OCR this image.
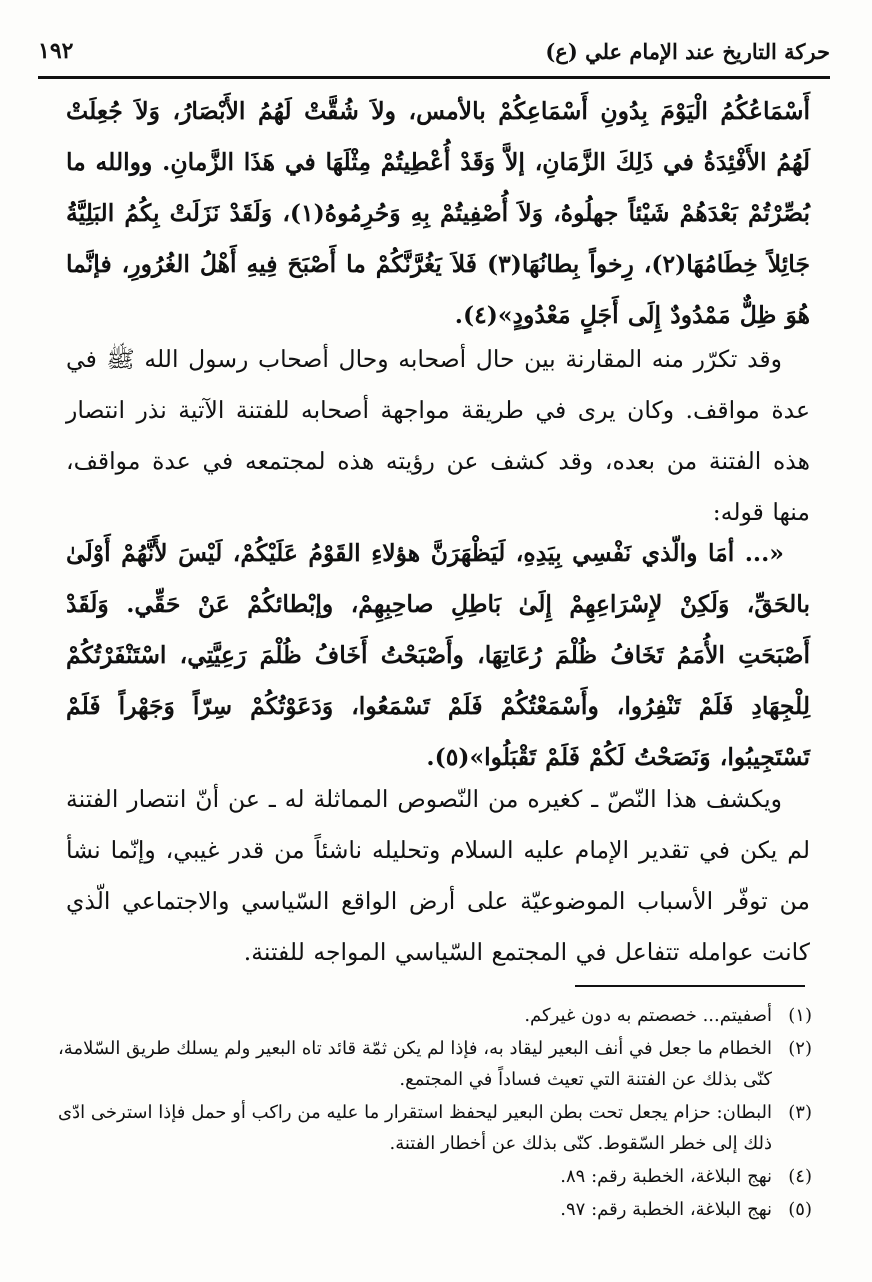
١٩٢	حركة التاريخ عند الإمام علي (ع)

أَسْمَاعُكُمُ الْيَوْمَ بِدُونِ أَسْمَاعِكُمْ بالأمس، ولاَ شُقَّتْ لَهُمُ الأَبْصَارُ، وَلاَ جُعِلَتْ لَهُمُ الأَفْئِدَةُ في ذَلِكَ الزَّمَانِ، إلاَّ وَقَدْ أُعْطِيتُمْ مِثْلَهَا في هَذَا الزَّمانِ. ووالله ما بُصِّرْتُمْ بَعْدَهُمْ شَيْئاً جهلُوهُ، وَلاَ أُصْفِيتُمْ بِهِ وَحُرِمُوهُ(١)، وَلَقَدْ نَزَلَتْ بِكُمُ البَلِيَّةُ جَائِلاً خِطَامُهَا(٢)، رِخواً بِطانُهَا(٣) فَلاَ يَغُرَّنَّكُمْ ما أَصْبَحَ فِيهِ أَهْلُ الغُرُورِ، فإنَّما هُوَ ظِلٌّ مَمْدُودٌ إِلَى أَجَلٍ مَعْدُودٍ»(٤).

وقد تكرّر منه المقارنة بين حال أصحابه وحال أصحاب رسول الله ﷺ في عدة مواقف. وكان يرى في طريقة مواجهة أصحابه للفتنة الآتية نذر انتصار هذه الفتنة من بعده، وقد كشف عن رؤيته هذه لمجتمعه في عدة مواقف، منها قوله:

«... أمَا والّذي نَفْسِي بِيَدِهِ، لَيَظْهَرَنَّ هؤلاءِ القَوْمُ عَلَيْكُمْ، لَيْسَ لأَنَّهُمْ أَوْلَىٰ بالحَقِّ، وَلَكِنْ لإِسْرَاعِهِمْ إِلَىٰ بَاطِلِ صاحِبِهِمْ، وإبْطائكُمْ عَنْ حَقِّي. وَلَقَدْ أَصْبَحَتِ الأُمَمُ تَخَافُ ظُلْمَ رُعَاتِهَا، وأَصْبَحْتُ أَخَافُ ظُلْمَ رَعِيَّتِي، اسْتَنْفَرْتُكُمْ لِلْجِهَادِ فَلَمْ تَنْفِرُوا، وأَسْمَعْتُكُمْ فَلَمْ تَسْمَعُوا، وَدَعَوْتُكُمْ سِرّاً وَجَهْراً فَلَمْ تَسْتَجِيبُوا، وَنَصَحْتُ لَكُمْ فَلَمْ تَقْبَلُوا»(٥).

ويكشف هذا النّصّ ـ كغيره من النّصوص المماثلة له ـ عن أنّ انتصار الفتنة لم يكن في تقدير الإمام عليه السلام وتحليله ناشئاً من قدر غيبي، وإنّما نشأ من توفّر الأسباب الموضوعيّة على أرض الواقع السّياسي والاجتماعي الّذي كانت عوامله تتفاعل في المجتمع السّياسي المواجه للفتنة.

(١)
أصفيتم... خصصتم به دون غيركم.
(٢)
الخطام ما جعل في أنف البعير ليقاد به، فإذا لم يكن ثمّة قائد تاه البعير ولم يسلك طريق السّلامة، كنّى بذلك عن الفتنة التي تعيث فساداً في المجتمع.
(٣)
البطان: حزام يجعل تحت بطن البعير ليحفظ استقرار ما عليه من راكب أو حمل فإذا استرخى ادّى ذلك إلى خطر السّقوط. كنّى بذلك عن أخطار الفتنة.
(٤)
نهج البلاغة، الخطبة رقم: ٨٩.
(٥)
نهج البلاغة، الخطبة رقم: ٩٧.
